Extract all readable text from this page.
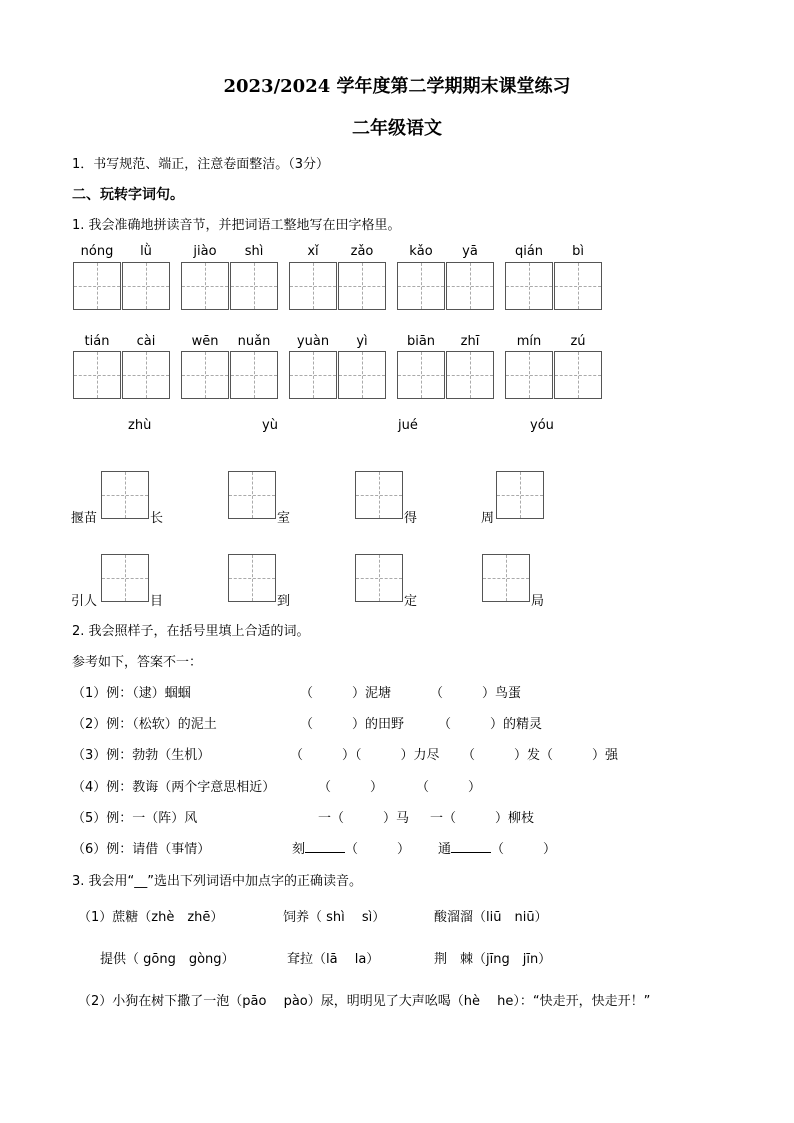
2023/2024 学年度第二学期期末课堂练习
二年级语文
1．书写规范、端正，注意卷面整洁。（3分）
二、玩转字词句。
1. 我会准确地拼读音节，并把词语工整地写在田字格里。
nóng	lǜ	jiào	shì	xǐ	zǎo	kǎo	yā	qián	bì
tián	cài	wēn	nuǎn	yuàn	yì	biān	zhī	mín	zú
zhù	yù	jué	yóu
揠苗	长	室	得	周
引人	目	到	定	局
2. 我会照样子，在括号里填上合适的词。
参考如下，答案不一：
（1）例：（逮）蝈蝈	（　　　）泥塘	（　　　）鸟蛋
（2）例：（松软）的泥土	（　　　）的田野	（　　　）的精灵
（3）例：勃勃（生机）	（　　　）（　　　）力尽 （　　　）发（　　　）强
（4）例：教诲（两个字意思相近）	（　　　）	（　　　）
（5）例：一（阵）风	一（　　　）马 一（　　　）柳枝
（6）例：请借（事情）	刻	（　　　） 通	（　　　）
3. 我会用“__”选出下列词语中加点字的正确读音。
（1）蔗糖（zhè　zhē）	饲养（ shì　 sì）	酸溜溜（liū　niū）
提供（ gōng　gòng）	耷拉（lā　 la）	荆　棘（jīng　jīn）
（2）小狗在树下撒了一泡（pāo　 pào）尿，明明见了大声吆喝（hè　 he）：“快走开，快走开！”
